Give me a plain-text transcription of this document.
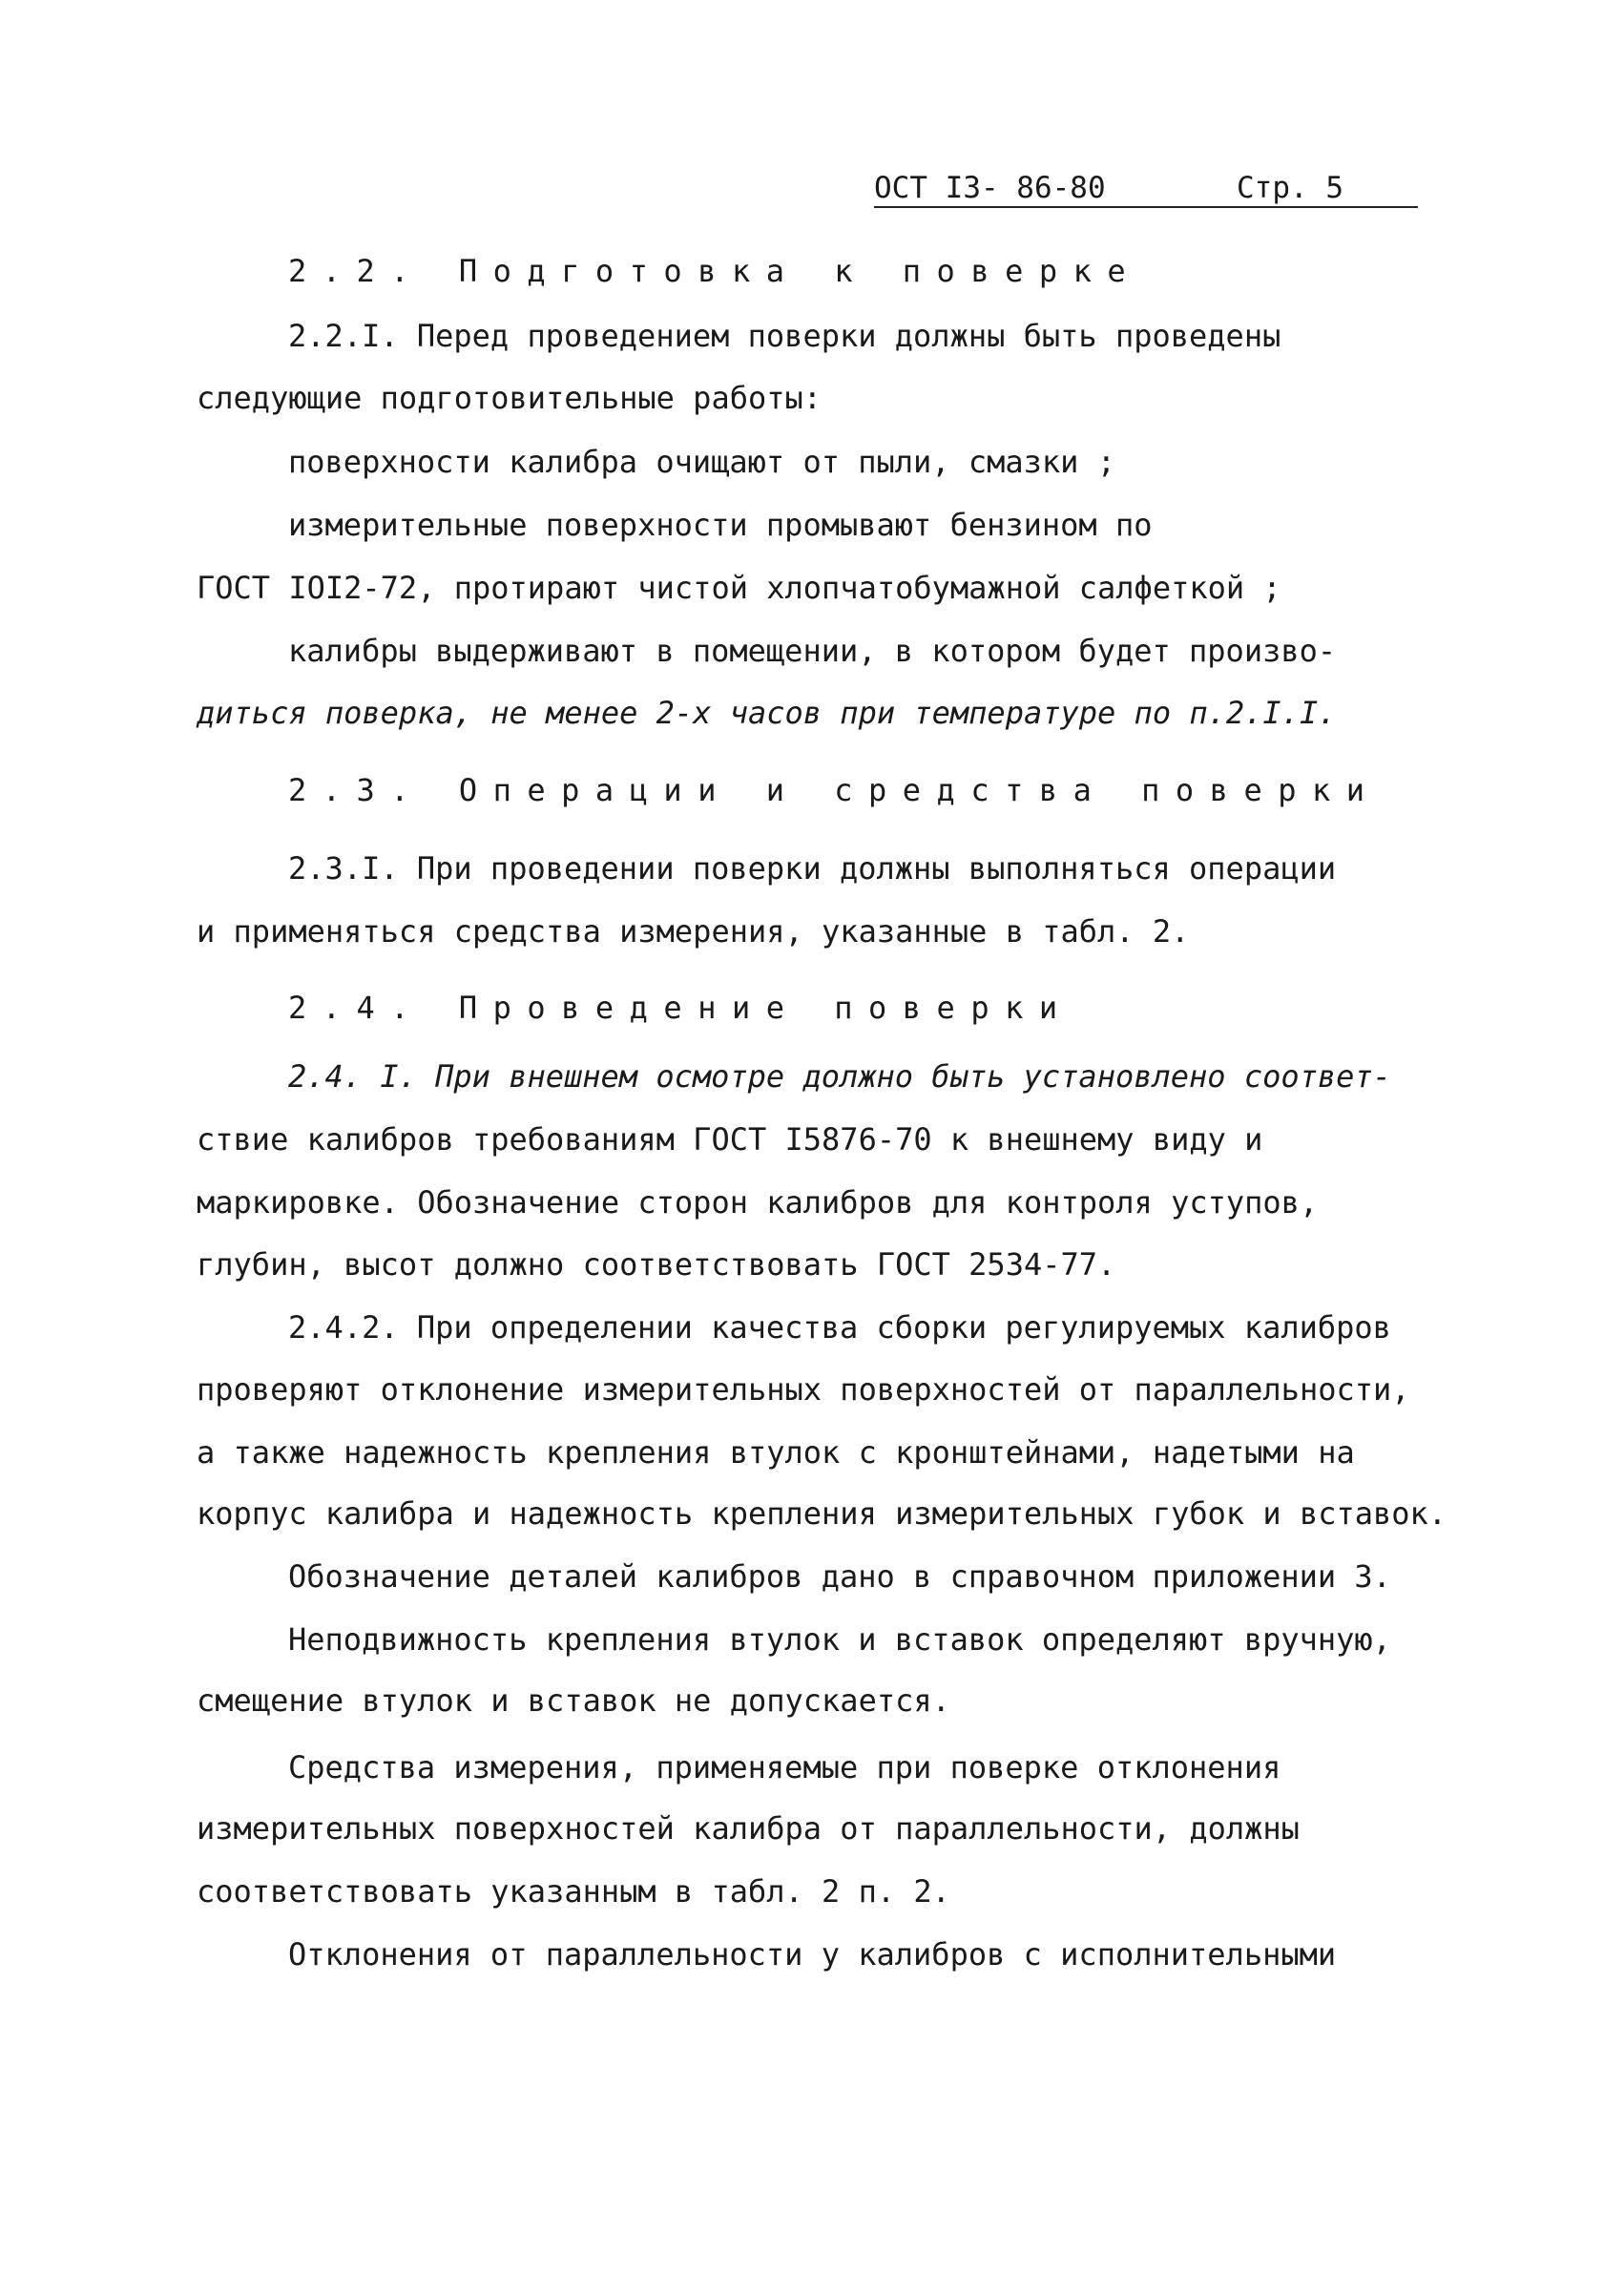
ОСТ I3- 86-80	Стр. 5
2.2. Подготовка к поверке
2.2.I. Перед проведением поверки должны быть проведены
следующие подготовительные работы:
поверхности калибра очищают от пыли, смазки ;
измерительные поверхности промывают бензином по
ГОСТ IOI2-72, протирают чистой хлопчатобумажной салфеткой ;
калибры выдерживают в помещении, в котором будет произво-
диться поверка, не менее 2-х часов при температуре по п.2.I.I.
2.3. Операции и средства поверки
2.3.I. При проведении поверки должны выполняться операции
и применяться средства измерения, указанные в табл. 2.
2.4. Проведение поверки
2.4. I. При внешнем осмотре должно быть установлено соответ-
ствие калибров требованиям ГОСТ I5876-70 к внешнему виду и
маркировке. Обозначение сторон калибров для контроля уступов,
глубин, высот должно соответствовать ГОСТ 2534-77.
2.4.2. При определении качества сборки регулируемых калибров
проверяют отклонение измерительных поверхностей от параллельности,
а также надежность крепления втулок с кронштейнами, надетыми на
корпус калибра и надежность крепления измерительных губок и вставок.
Обозначение деталей калибров дано в справочном приложении 3.
Неподвижность крепления втулок и вставок определяют вручную,
смещение втулок и вставок не допускается.
Средства измерения, применяемые при поверке отклонения
измерительных поверхностей калибра от параллельности, должны
соответствовать указанным в табл. 2 п. 2.
Отклонения от параллельности у калибров с исполнительными
